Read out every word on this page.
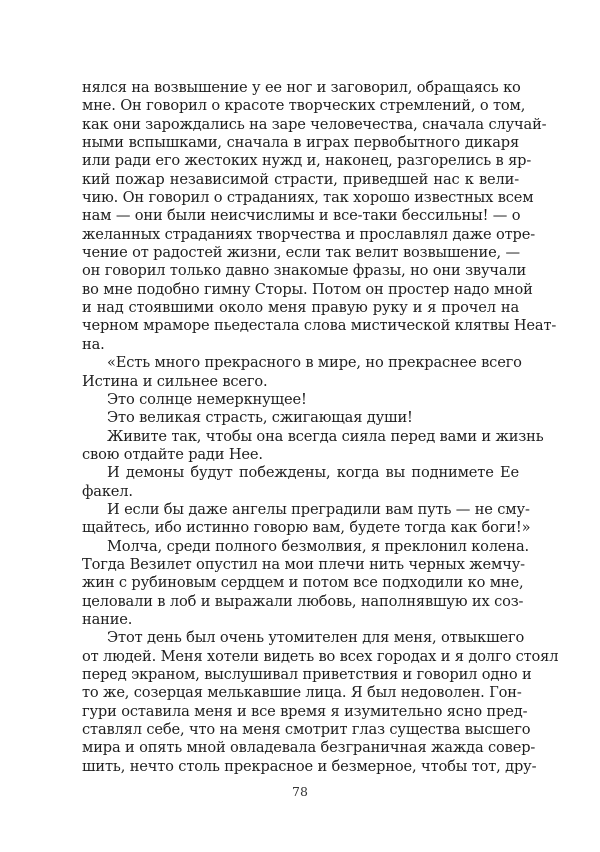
нялся на возвышение у ее ног и заговорил, обращаясь ко
мне. Он говорил о красоте творческих стремлений, о том,
как они зарождались на заре человечества, сначала случай-
ными вспышками, сначала в играх первобытного дикаря
или ради его жестоких нужд и, наконец, разгорелись в яр-
кий пожар независимой страсти, приведшей нас к вели-
чию. Он говорил о страданиях, так хорошо известных всем
нам — они были неисчислимы и все-таки бессильны! — о
желанных страданиях творчества и прославлял даже отре-
чение от радостей жизни, если так велит возвышение, —
он говорил только давно знакомые фразы, но они звучали
во мне подобно гимну Сторы. Потом он простер надо мной
и над стоявшими около меня правую руку и я прочел на
черном мраморе пьедестала слова мистической клятвы Неат-
на.
«Есть много прекрасного в мире, но прекраснее всего
Истина и сильнее всего.
Это солнце немеркнущее!
Это великая страсть, сжигающая души!
Живите так, чтобы она всегда сияла перед вами и жизнь
свою отдайте ради Нее.
И демоны будут побеждены, когда вы поднимете Ее
факел.
И если бы даже ангелы преградили вам путь — не сму-
щайтесь, ибо истинно говорю вам, будете тогда как боги!»
Молча, среди полного безмолвия, я преклонил колена.
Тогда Везилет опустил на мои плечи нить черных жемчу-
жин с рубиновым сердцем и потом все подходили ко мне,
целовали в лоб и выражали любовь, наполнявшую их соз-
нание.
Этот день был очень утомителен для меня, отвыкшего
от людей. Меня хотели видеть во всех городах и я долго стоял
перед экраном, выслушивал приветствия и говорил одно и
то же, созерцая мелькавшие лица. Я был недоволен. Гон-
гури оставила меня и все время я изумительно ясно пред-
ставлял себе, что на меня смотрит глаз существа высшего
мира и опять мной овладевала безграничная жажда совер-
шить, нечто столь прекрасное и безмерное, чтобы тот, дру-
78
